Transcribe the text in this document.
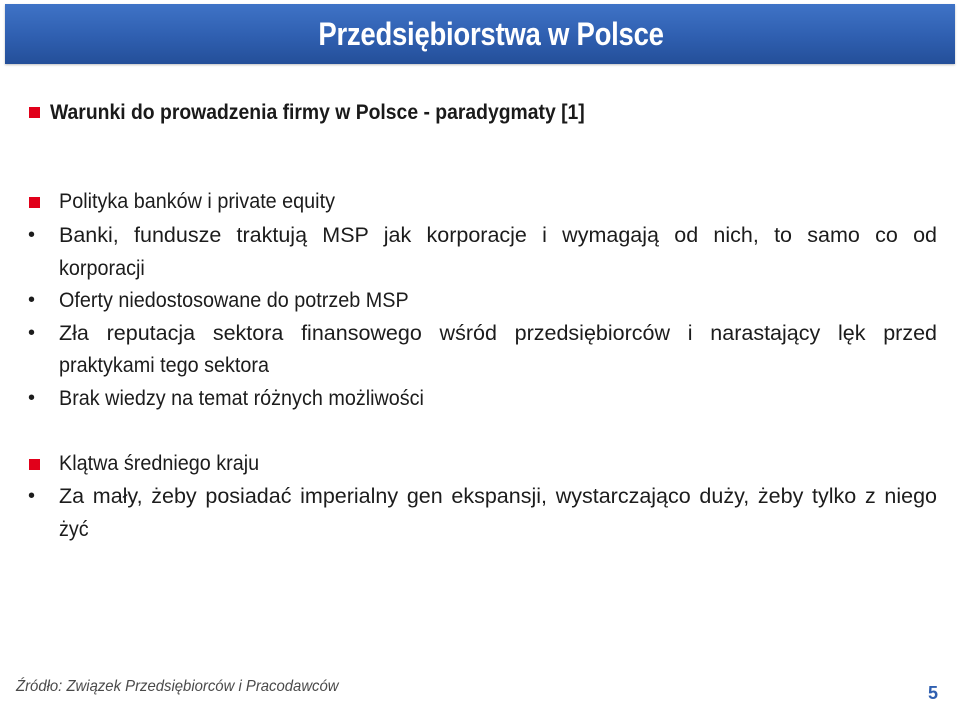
Przedsiębiorstwa w Polsce
Warunki do prowadzenia firmy w Polsce - paradygmaty [1]
Polityka banków i private equity
• Banki, fundusze traktują MSP jak korporacje i wymagają od nich, to samo co od
korporacji
• Oferty niedostosowane do potrzeb MSP
• Zła reputacja sektora finansowego wśród przedsiębiorców i narastający lęk przed
praktykami tego sektora
• Brak wiedzy na temat różnych możliwości
Klątwa średniego kraju
• Za mały, żeby posiadać imperialny gen ekspansji, wystarczająco duży, żeby tylko z niego
żyć
Źródło: Związek Przedsiębiorców i Pracodawców	5
